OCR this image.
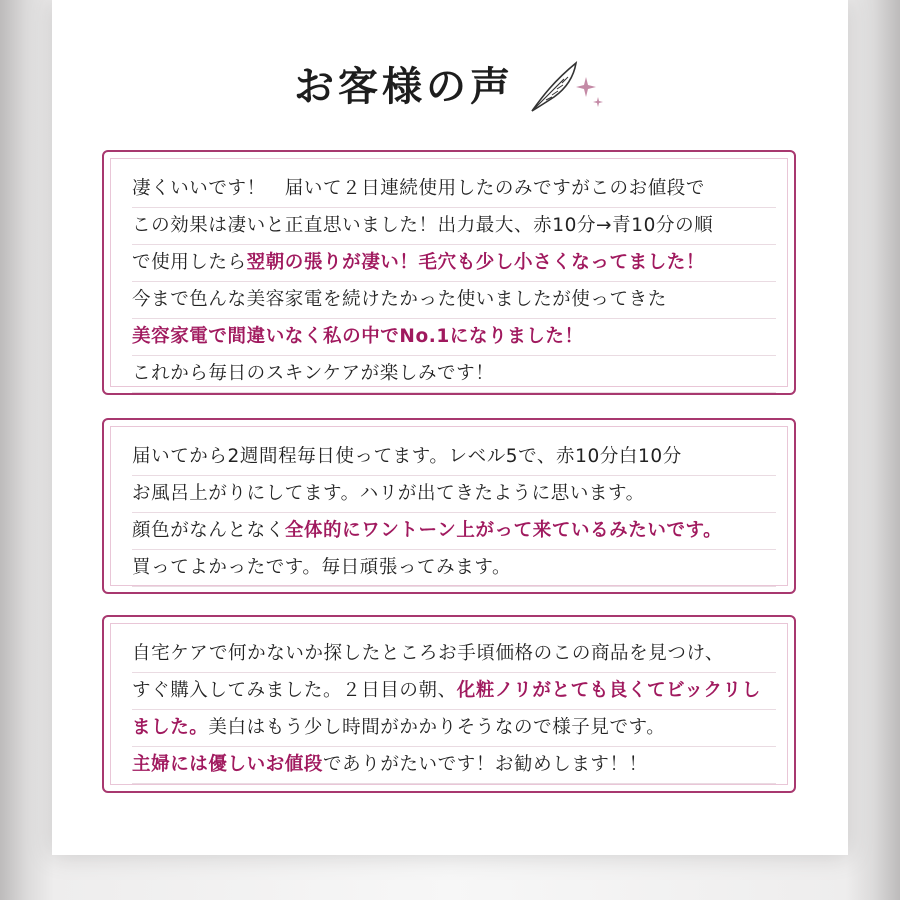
お客様の声
凄くいいです！　届いて２日連続使用したのみですがこのお値段で
この効果は凄いと正直思いました！出力最大、赤10分→青10分の順
で使用したら翌朝の張りが凄い！毛穴も少し小さくなってました！
今まで色んな美容家電を続けたかった使いましたが使ってきた
美容家電で間違いなく私の中でNo.1になりました！
これから毎日のスキンケアが楽しみです！
届いてから2週間程毎日使ってます。レベル5で、赤10分白10分
お風呂上がりにしてます。ハリが出てきたように思います。
顔色がなんとなく全体的にワントーン上がって来ているみたいです。
買ってよかったです。毎日頑張ってみます。
自宅ケアで何かないか探したところお手頃価格のこの商品を見つけ、
すぐ購入してみました。２日目の朝、化粧ノリがとても良くてビックリし
ました。美白はもう少し時間がかかりそうなので様子見です。
主婦には優しいお値段でありがたいです！お勧めします！！
